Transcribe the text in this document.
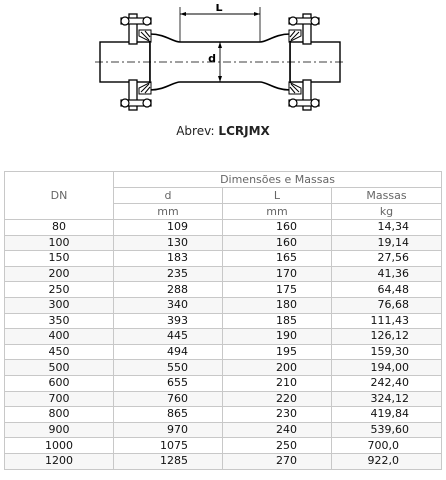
L
d
Abrev: LCRJMX
DN	Dimensões e Massas		
	d	L	Massas
	mm	mm	kg
80	109	160	14,34
100	130	160	19,14
150	183	165	27,56
200	235	170	41,36
250	288	175	64,48
300	340	180	76,68
350	393	185	111,43
400	445	190	126,12
450	494	195	159,30
500	550	200	194,00
600	655	210	242,40
700	760	220	324,12
800	865	230	419,84
900	970	240	539,60
1000	1075	250	700,0
1200	1285	270	922,0
